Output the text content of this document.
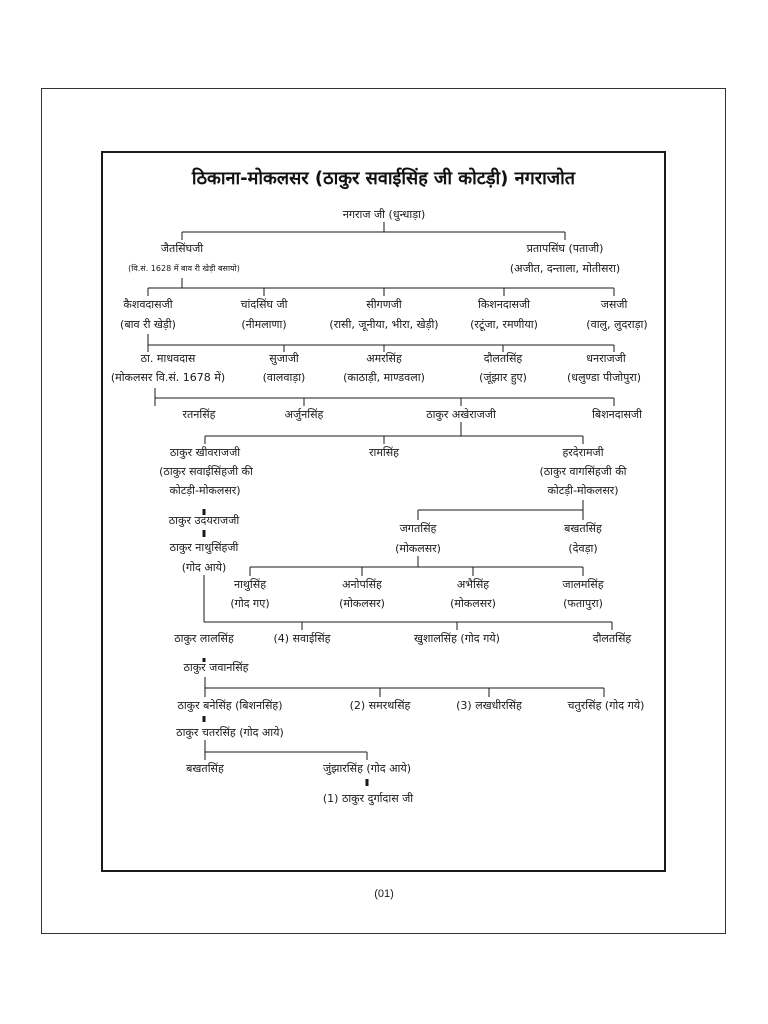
ठिकाना-मोकलसर (ठाकुर सवाईसिंह जी कोटड़ी) नगराजोत
नगराज जी (धुन्धाड़ा)
जैतसिंघजी
(वि.सं. 1628 में बाव री खेड़ी बसायो)
प्रतापसिंघ (पताजी)
(अजीत, दन्ताला, मोतीसरा)
कैशवदासजी
(बाव री खेड़ी)
चांदसिंघ जी
(नीमलाणा)
सीगणजी
(रासी, जूनीया, भीरा, खेड़ी)
किशनदासजी
(रटूंजा, रमणीया)
जसजी
(वालु, लुदराड़ा)
ठा. माधवदास
(मोकलसर वि.सं. 1678 में)
सुजाजी
(वालवाड़ा)
अमरसिंह
(काठाड़ी, माण्डवला)
दौलतसिंह
(जूंझार हुए)
धनराजजी
(धलुण्डा पीजोपुरा)
रतनसिंह	अर्जुनसिंह	ठाकुर अखेराजजी	बिशनदासजी
ठाकुर खीवराजजी
(ठाकुर सवाईसिंहजी की
कोटड़ी-मोकलसर)
रामसिंह	हरदेरामजी
(ठाकुर वागसिंहजी की
कोटड़ी-मोकलसर)
ठाकुर उदयराजजी
ठाकुर नाथुसिंहजी
(गोद आये)
जगतसिंह
(मोकलसर)
बखतसिंह
(देवड़ा)
नाथुसिंह
(गोद गए)
अनोपसिंह
(मोकलसर)
अभैसिंह
(मोकलसर)
जालमसिंह
(फतापुरा)
ठाकुर लालसिंह	(4) सवाईसिंह	खुशालसिंह (गोद गये)	दौलतसिंह
ठाकुर जवानसिंह
ठाकुर बनेसिंह (बिशनसिंह)	(2) समरथसिंह	(3) लखधीरसिंह	चतुरसिंह (गोद गये)
ठाकुर चतरसिंह (गोद आये)
बखतसिंह	जुंझारसिंह (गोद आये)
(1) ठाकुर दुर्गादास जी
(01)
